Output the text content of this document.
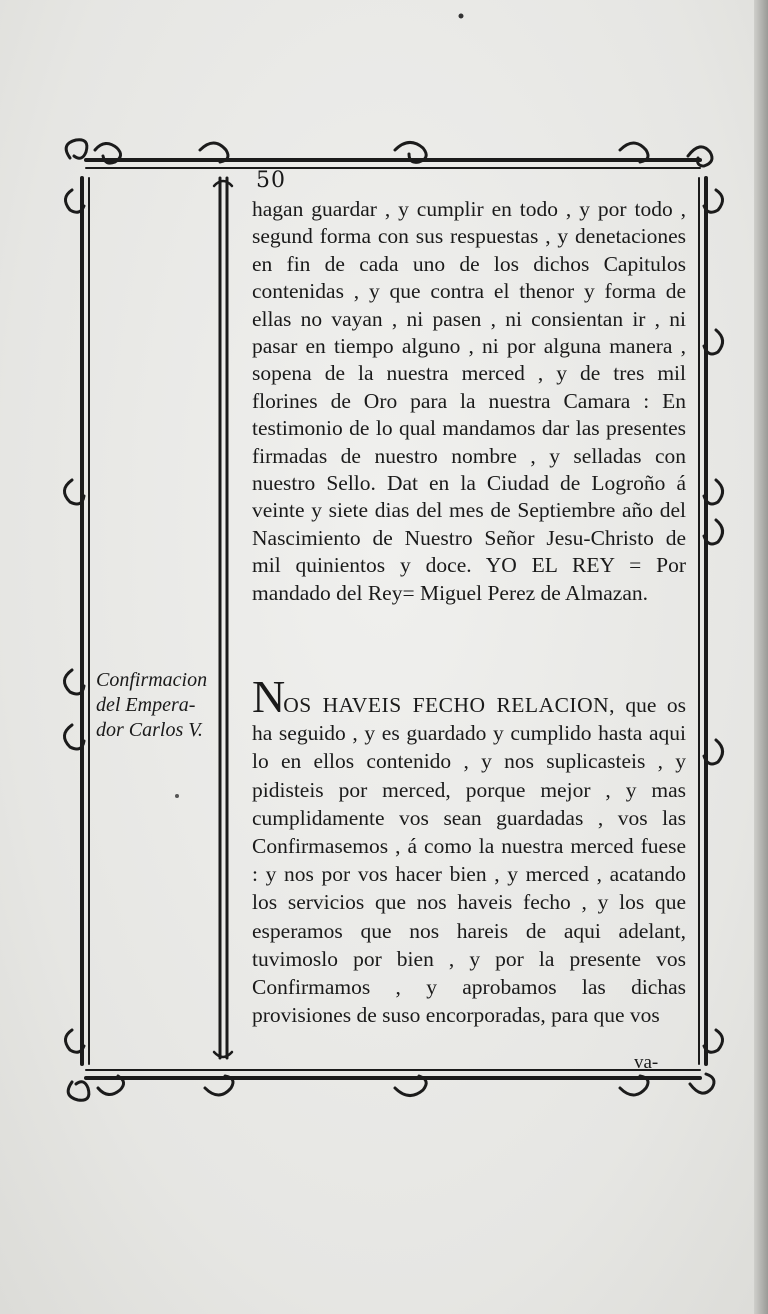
50

hagan guardar , y cumplir en todo , y por todo , segund forma con sus respuestas , y denetaciones en fin de cada uno de los dichos Capitulos contenidas , y que contra el thenor y forma de ellas no vayan , ni pasen , ni consientan ir , ni pasar en tiempo alguno , ni por alguna manera , sopena de la nuestra merced , y de tres mil florines de Oro para la nuestra Camara : En testimonio de lo qual mandamos dar las presentes firmadas de nuestro nombre , y selladas con nuestro Sello. Dat en la Ciudad de Logroño á veinte y siete dias del mes de Septiembre año del Nascimiento de Nuestro Señor Jesu-Christo de mil quinientos y doce. YO EL REY = Por mandado del Rey= Miguel Perez de Almazan.

NOS HAVEIS FECHO RELACION, que os ha seguido , y es guardado y cumplido hasta aqui lo en ellos contenido , y nos suplicasteis , y pidisteis por merced, porque mejor , y mas cumplidamente vos sean guardadas , vos las Confirmasemos , á como la nuestra merced fuese : y nos por vos hacer bien , y merced , acatando los servicios que nos haveis fecho , y los que esperamos que nos hareis de aqui adelant, tuvimoslo por bien , y por la presente vos Confirmamos , y aprobamos las dichas provisiones de suso encorporadas, para que vos

va-
Confirmacion
del Empera-
dor Carlos V.
